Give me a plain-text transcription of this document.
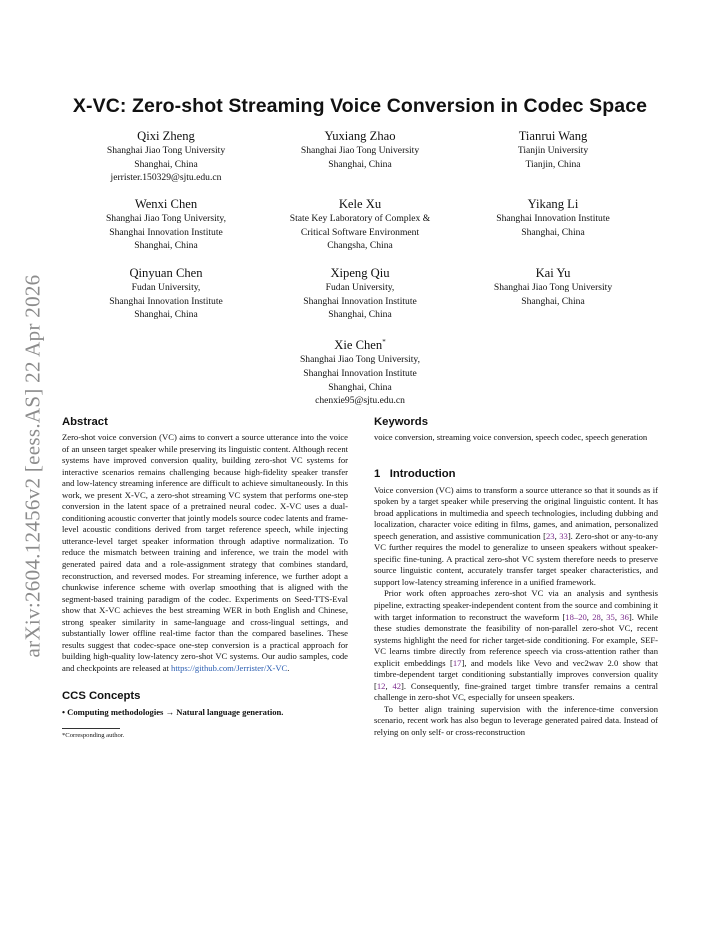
arXiv:2604.12456v2 [eess.AS] 22 Apr 2026
X-VC: Zero-shot Streaming Voice Conversion in Codec Space
Qixi Zheng
Shanghai Jiao Tong University
Shanghai, China
jerrister.150329@sjtu.edu.cn
Yuxiang Zhao
Shanghai Jiao Tong University
Shanghai, China
Tianrui Wang
Tianjin University
Tianjin, China
Wenxi Chen
Shanghai Jiao Tong University,
Shanghai Innovation Institute
Shanghai, China
Kele Xu
State Key Laboratory of Complex &
Critical Software Environment
Changsha, China
Yikang Li
Shanghai Innovation Institute
Shanghai, China
Qinyuan Chen
Fudan University,
Shanghai Innovation Institute
Shanghai, China
Xipeng Qiu
Fudan University,
Shanghai Innovation Institute
Shanghai, China
Kai Yu
Shanghai Jiao Tong University
Shanghai, China
Xie Chen*
Shanghai Jiao Tong University,
Shanghai Innovation Institute
Shanghai, China
chenxie95@sjtu.edu.cn
Abstract

Zero-shot voice conversion (VC) aims to convert a source utterance into the voice of an unseen target speaker while preserving its linguistic content. Although recent systems have improved conversion quality, building zero-shot VC systems for interactive scenarios remains challenging because high-fidelity speaker transfer and low-latency streaming inference are difficult to achieve simultaneously. In this work, we present X-VC, a zero-shot streaming VC system that performs one-step conversion in the latent space of a pretrained neural codec. X-VC uses a dual-conditioning acoustic converter that jointly models source codec latents and frame-level acoustic conditions derived from target reference speech, while injecting utterance-level target speaker information through adaptive normalization. To reduce the mismatch between training and inference, we train the model with generated paired data and a role-assignment strategy that combines standard, reconstruction, and reversed modes. For streaming inference, we further adopt a chunkwise inference scheme with overlap smoothing that is aligned with the segment-based training paradigm of the codec. Experiments on Seed-TTS-Eval show that X-VC achieves the best streaming WER in both English and Chinese, strong speaker similarity in same-language and cross-lingual settings, and substantially lower offline real-time factor than the compared baselines. These results suggest that codec-space one-step conversion is a practical approach for building high-quality low-latency zero-shot VC systems. Our audio samples, code and checkpoints are released at https://github.com/Jerrister/X-VC.

CCS Concepts

• Computing methodologies → Natural language generation.

*Corresponding author.

Keywords

voice conversion, streaming voice conversion, speech codec, speech generation

1   Introduction

Voice conversion (VC) aims to transform a source utterance so that it sounds as if spoken by a target speaker while preserving the original linguistic content. It has broad applications in multimedia and speech technologies, including dubbing and localization, character voice editing in films, games, and animation, personalized speech generation, and assistive communication [23, 33]. Zero-shot or any-to-any VC further requires the model to generalize to unseen speakers without speaker-specific fine-tuning. A practical zero-shot VC system therefore needs to preserve source linguistic content, accurately transfer target speaker characteristics, and support low-latency streaming inference in a unified framework.

Prior work often approaches zero-shot VC via an analysis and synthesis pipeline, extracting speaker-independent content from the source and combining it with target information to reconstruct the waveform [18–20, 28, 35, 36]. While these studies demonstrate the feasibility of non-parallel zero-shot VC, recent systems highlight the need for richer target-side conditioning. For example, SEF-VC learns timbre directly from reference speech via cross-attention rather than explicit embeddings [17], and models like Vevo and vec2wav 2.0 show that timbre-dependent target conditioning substantially improves conversion quality [12, 42]. Consequently, fine-grained target timbre transfer remains a central challenge in zero-shot VC, especially for unseen speakers.

To better align training supervision with the inference-time conversion scenario, recent work has also begun to leverage generated paired data. Instead of relying on only self- or cross-reconstruction
